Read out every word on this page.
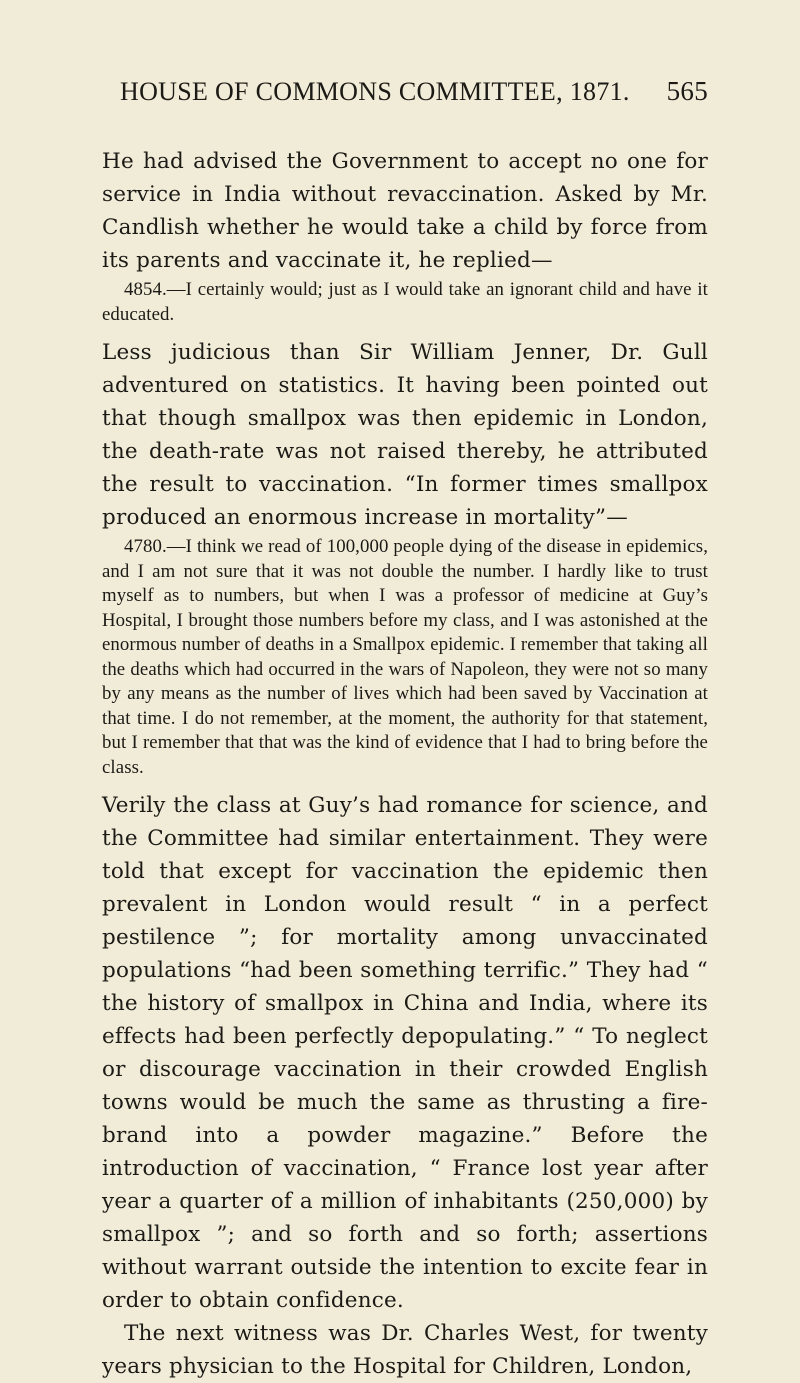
HOUSE OF COMMONS COMMITTEE, 1871. 565

He had advised the Government to accept no one for service in India without revaccination. Asked by Mr. Candlish whether he would take a child by force from its parents and vaccinate it, he replied—

4854.—I certainly would; just as I would take an ignorant child and have it educated.

Less judicious than Sir William Jenner, Dr. Gull adventured on statistics. It having been pointed out that though smallpox was then epidemic in London, the death-rate was not raised thereby, he attributed the result to vaccination. “In former times smallpox produced an enormous increase in mortality”—

4780.—I think we read of 100,000 people dying of the disease in epidemics, and I am not sure that it was not double the number. I hardly like to trust myself as to numbers, but when I was a professor of medicine at Guy’s Hospital, I brought those numbers before my class, and I was astonished at the enormous number of deaths in a Smallpox epidemic. I remember that taking all the deaths which had occurred in the wars of Napoleon, they were not so many by any means as the number of lives which had been saved by Vaccination at that time. I do not remember, at the moment, the authority for that statement, but I remember that that was the kind of evidence that I had to bring before the class.

Verily the class at Guy’s had romance for science, and the Committee had similar entertainment. They were told that except for vaccination the epidemic then prevalent in London would result “ in a perfect pestilence ”; for mortality among unvaccinated populations “had been something terrific.” They had “ the history of smallpox in China and India, where its effects had been perfectly depopulating.” “ To neglect or discourage vaccination in their crowded English towns would be much the same as thrusting a fire-brand into a powder magazine.” Before the introduction of vaccination, “ France lost year after year a quarter of a million of inhabitants (250,000) by smallpox ”; and so forth and so forth; assertions without warrant outside the intention to excite fear in order to obtain confidence.

The next witness was Dr. Charles West, for twenty years physician to the Hospital for Children, London,
